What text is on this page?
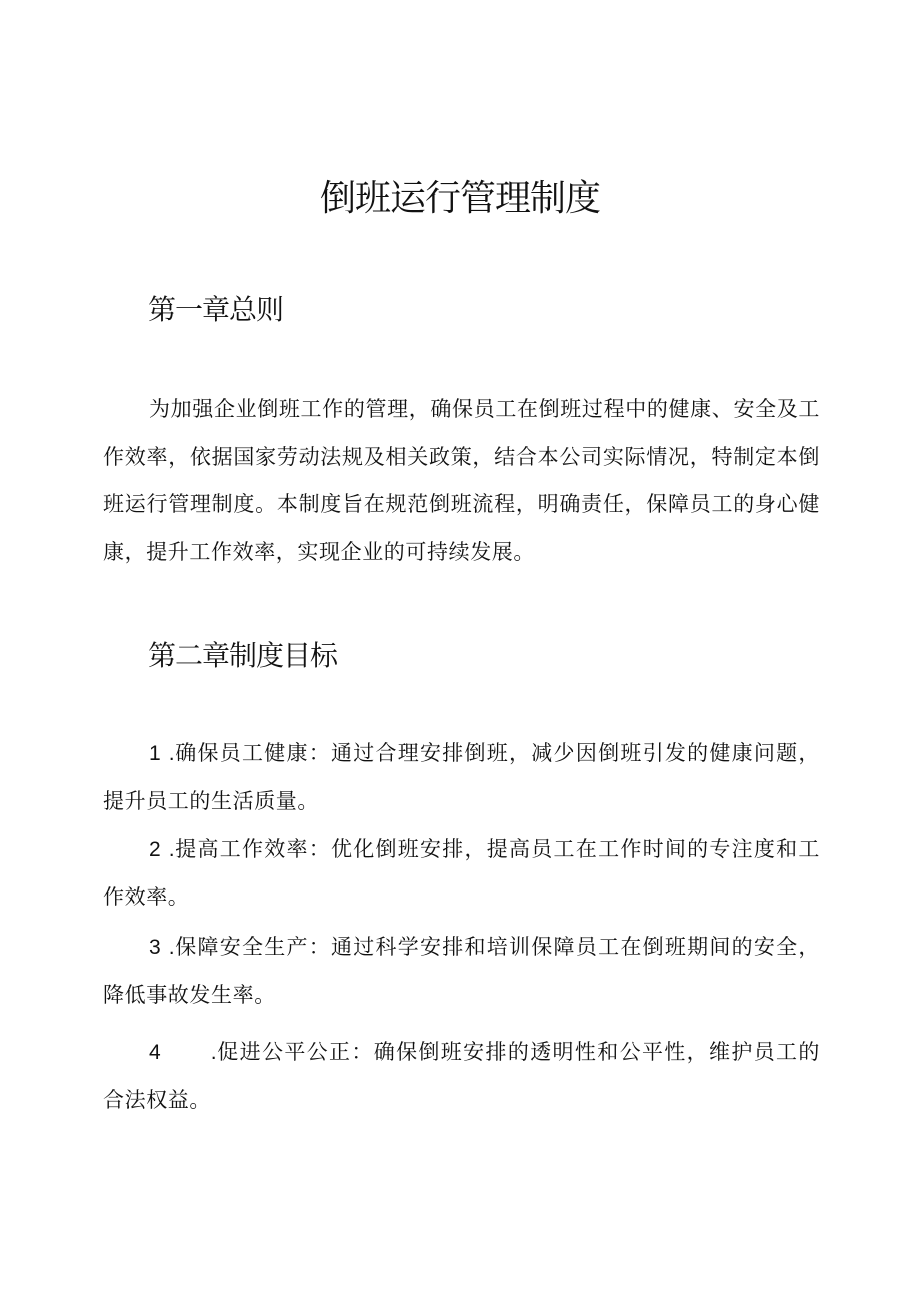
倒班运行管理制度
第一章总则

为加强企业倒班工作的管理，确保员工在倒班过程中的健康、安全及工作效率，依据国家劳动法规及相关政策，结合本公司实际情况，特制定本倒班运行管理制度。本制度旨在规范倒班流程，明确责任，保障员工的身心健康，提升工作效率，实现企业的可持续发展。

第二章制度目标

1 .确保员工健康：通过合理安排倒班，减少因倒班引发的健康问题，提升员工的生活质量。

2 .提高工作效率：优化倒班安排，提高员工在工作时间的专注度和工作效率。

3 .保障安全生产：通过科学安排和培训保障员工在倒班期间的安全，降低事故发生率。

4 .促进公平公正：确保倒班安排的透明性和公平性，维护员工的合法权益。
